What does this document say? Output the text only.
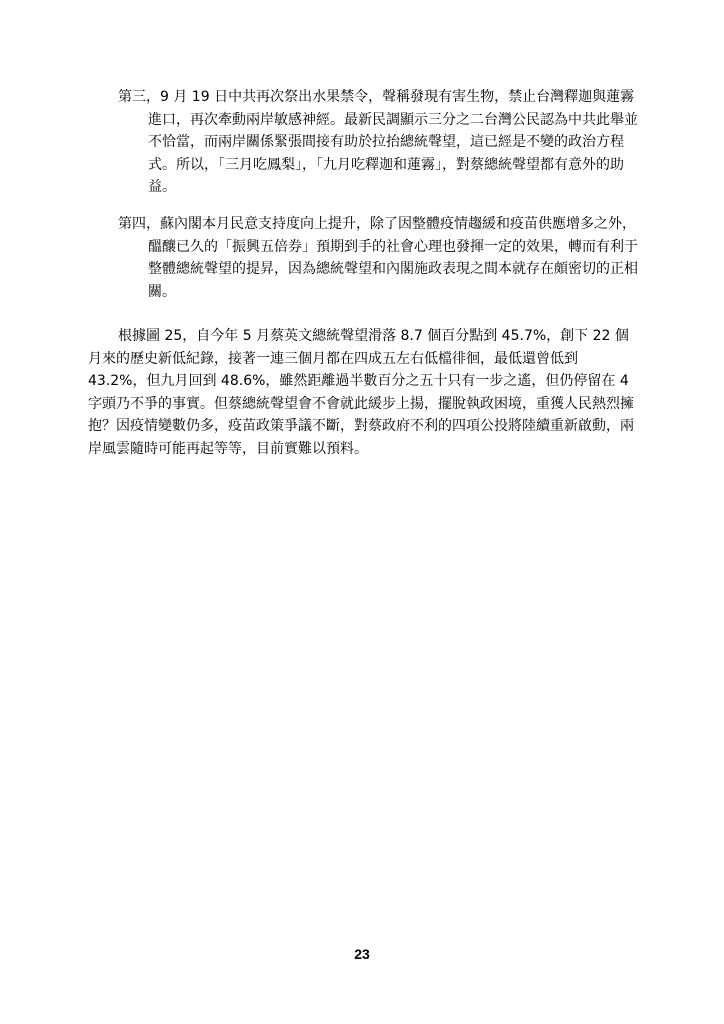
第三，9 月 19 日中共再次祭出水果禁令，聲稱發現有害生物，禁止台灣釋迦與蓮霧進口，再次牽動兩岸敏感神經。最新民調顯示三分之二台灣公民認為中共此舉並不恰當，而兩岸關係緊張間接有助於拉抬總統聲望，這已經是不變的政治方程式。所以，「三月吃鳳梨」，「九月吃釋迦和蓮霧」，對蔡總統聲望都有意外的助益。
第四，蘇內閣本月民意支持度向上提升，除了因整體疫情趨緩和疫苗供應增多之外，醞釀已久的「振興五倍券」預期到手的社會心理也發揮一定的效果，轉而有利于整體總統聲望的提昇，因為總統聲望和內閣施政表現之間本就存在頗密切的正相關。
根據圖 25，自今年 5 月蔡英文總統聲望滑落 8.7 個百分點到 45.7%，創下 22 個月來的歷史新低紀錄，接著一連三個月都在四成五左右低檔徘徊，最低還曾低到 43.2%，但九月回到 48.6%，雖然距離過半數百分之五十只有一步之遙，但仍停留在 4 字頭乃不爭的事實。但蔡總統聲望會不會就此緩步上揚，擺脫執政困境，重獲人民熱烈擁抱？因疫情變數仍多，疫苗政策爭議不斷，對蔡政府不利的四項公投將陸續重新啟動，兩岸風雲隨時可能再起等等，目前實難以預料。
23
